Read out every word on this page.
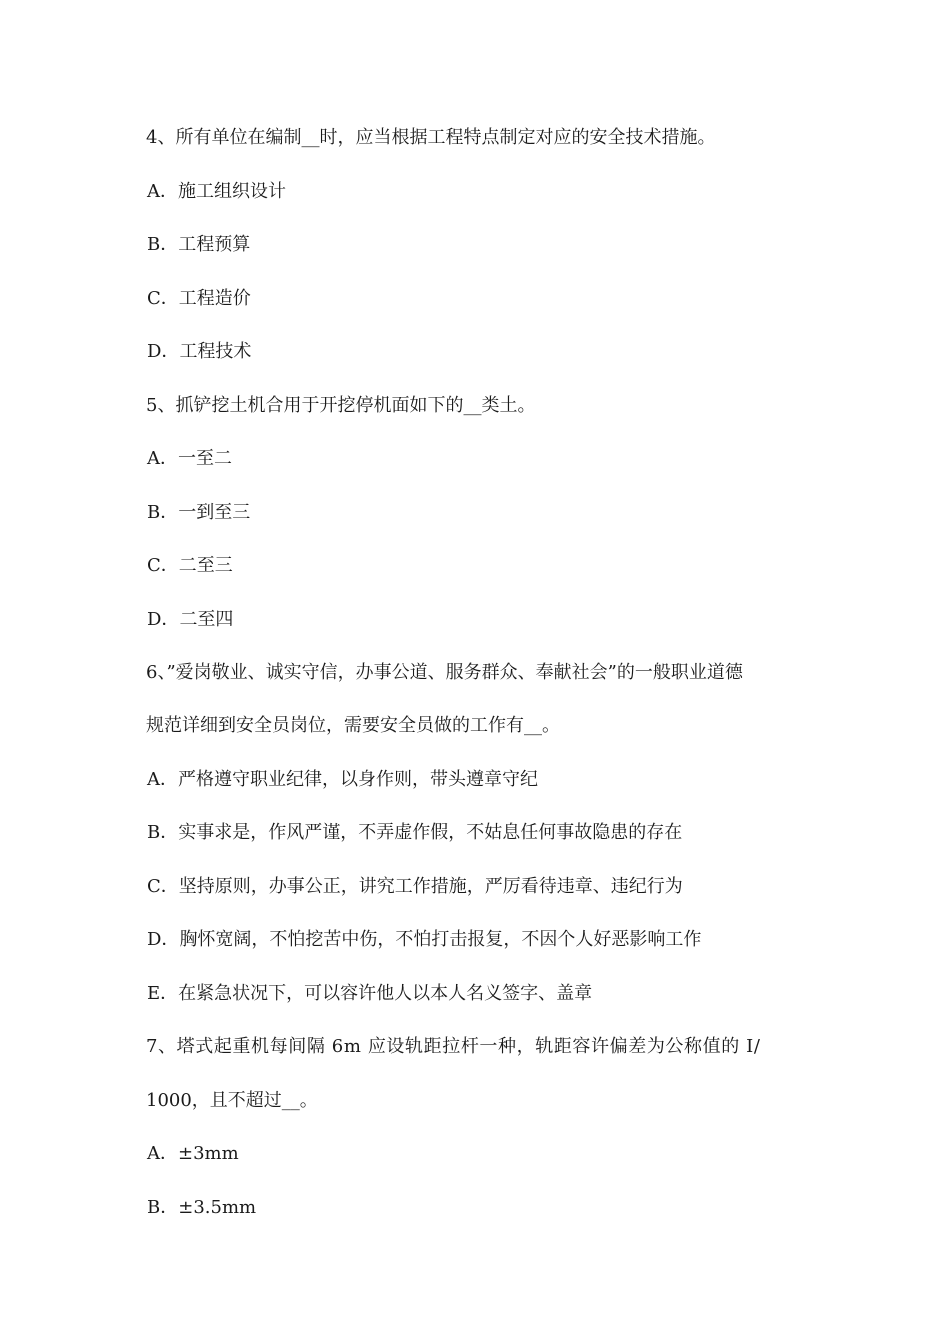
4、所有单位在编制__时，应当根据工程特点制定对应的安全技术措施。
A．施工组织设计
B．工程预算
C．工程造价
D．工程技术
5、抓铲挖土机合用于开挖停机面如下的__类土。
A．一至二
B．一到至三
C．二至三
D．二至四
6、”爱岗敬业、诚实守信，办事公道、服务群众、奉献社会”的一般职业道德
规范详细到安全员岗位，需要安全员做的工作有__。
A．严格遵守职业纪律，以身作则，带头遵章守纪
B．实事求是，作风严谨，不弄虚作假，不姑息任何事故隐患的存在
C．坚持原则，办事公正，讲究工作措施，严厉看待违章、违纪行为
D．胸怀宽阔，不怕挖苦中伤，不怕打击报复，不因个人好恶影响工作
E．在紧急状况下，可以容许他人以本人名义签字、盖章
7、塔式起重机每间隔 6m 应设轨距拉杆一种，轨距容许偏差为公称值的 I/
1000，且不超过__。
A．±3mm
B．±3.5mm
